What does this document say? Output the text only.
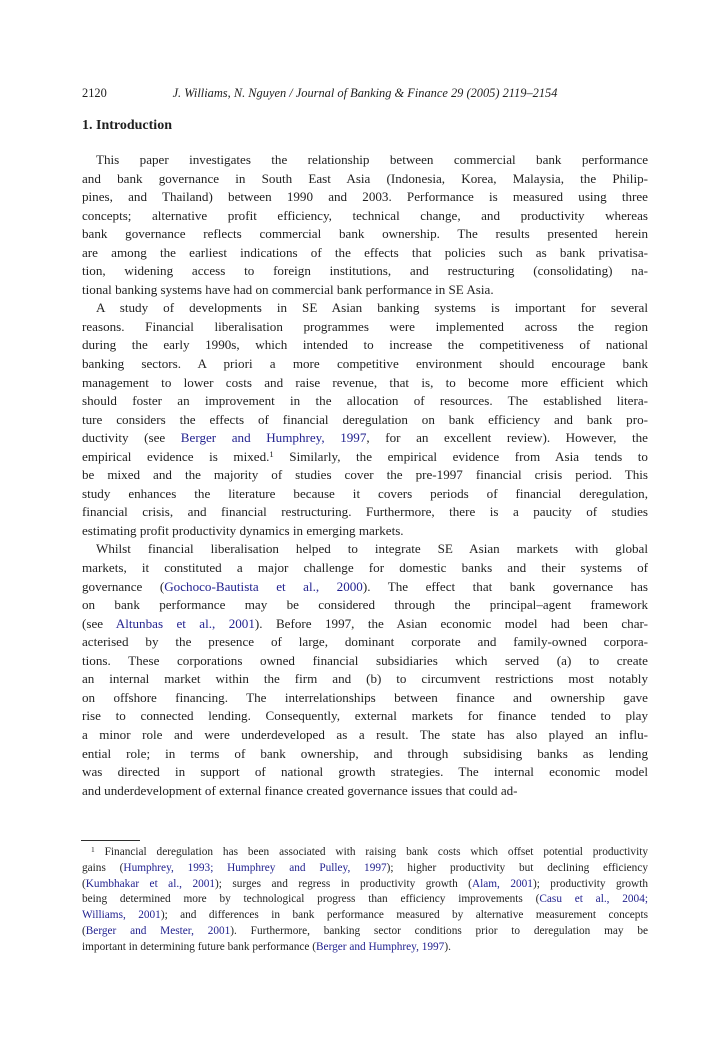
2120	J. Williams, N. Nguyen / Journal of Banking & Finance 29 (2005) 2119–2154
1. Introduction
This paper investigates the relationship between commercial bank performance
and bank governance in South East Asia (Indonesia, Korea, Malaysia, the Philip-
pines, and Thailand) between 1990 and 2003. Performance is measured using three
concepts; alternative profit efficiency, technical change, and productivity whereas
bank governance reflects commercial bank ownership. The results presented herein
are among the earliest indications of the effects that policies such as bank privatisa-
tion, widening access to foreign institutions, and restructuring (consolidating) na-
tional banking systems have had on commercial bank performance in SE Asia.
A study of developments in SE Asian banking systems is important for several
reasons. Financial liberalisation programmes were implemented across the region
during the early 1990s, which intended to increase the competitiveness of national
banking sectors. A priori a more competitive environment should encourage bank
management to lower costs and raise revenue, that is, to become more efficient which
should foster an improvement in the allocation of resources. The established litera-
ture considers the effects of financial deregulation on bank efficiency and bank pro-
ductivity (see Berger and Humphrey, 1997, for an excellent review). However, the
empirical evidence is mixed.$^1$ Similarly, the empirical evidence from Asia tends to
be mixed and the majority of studies cover the pre-1997 financial crisis period. This
study enhances the literature because it covers periods of financial deregulation,
financial crisis, and financial restructuring. Furthermore, there is a paucity of studies
estimating profit productivity dynamics in emerging markets.
Whilst financial liberalisation helped to integrate SE Asian markets with global
markets, it constituted a major challenge for domestic banks and their systems of
governance (Gochoco-Bautista et al., 2000). The effect that bank governance has
on bank performance may be considered through the principal–agent framework
(see Altunbas et al., 2001). Before 1997, the Asian economic model had been char-
acterised by the presence of large, dominant corporate and family-owned corpora-
tions. These corporations owned financial subsidiaries which served (a) to create
an internal market within the firm and (b) to circumvent restrictions most notably
on offshore financing. The interrelationships between finance and ownership gave
rise to connected lending. Consequently, external markets for finance tended to play
a minor role and were underdeveloped as a result. The state has also played an influ-
ential role; in terms of bank ownership, and through subsidising banks as lending
was directed in support of national growth strategies. The internal economic model
and underdevelopment of external finance created governance issues that could ad-
$^1$ Financial deregulation has been associated with raising bank costs which offset potential productivity
gains (Humphrey, 1993; Humphrey and Pulley, 1997); higher productivity but declining efficiency
(Kumbhakar et al., 2001); surges and regress in productivity growth (Alam, 2001); productivity growth
being determined more by technological progress than efficiency improvements (Casu et al., 2004;
Williams, 2001); and differences in bank performance measured by alternative measurement concepts
(Berger and Mester, 2001). Furthermore, banking sector conditions prior to deregulation may be
important in determining future bank performance (Berger and Humphrey, 1997).
